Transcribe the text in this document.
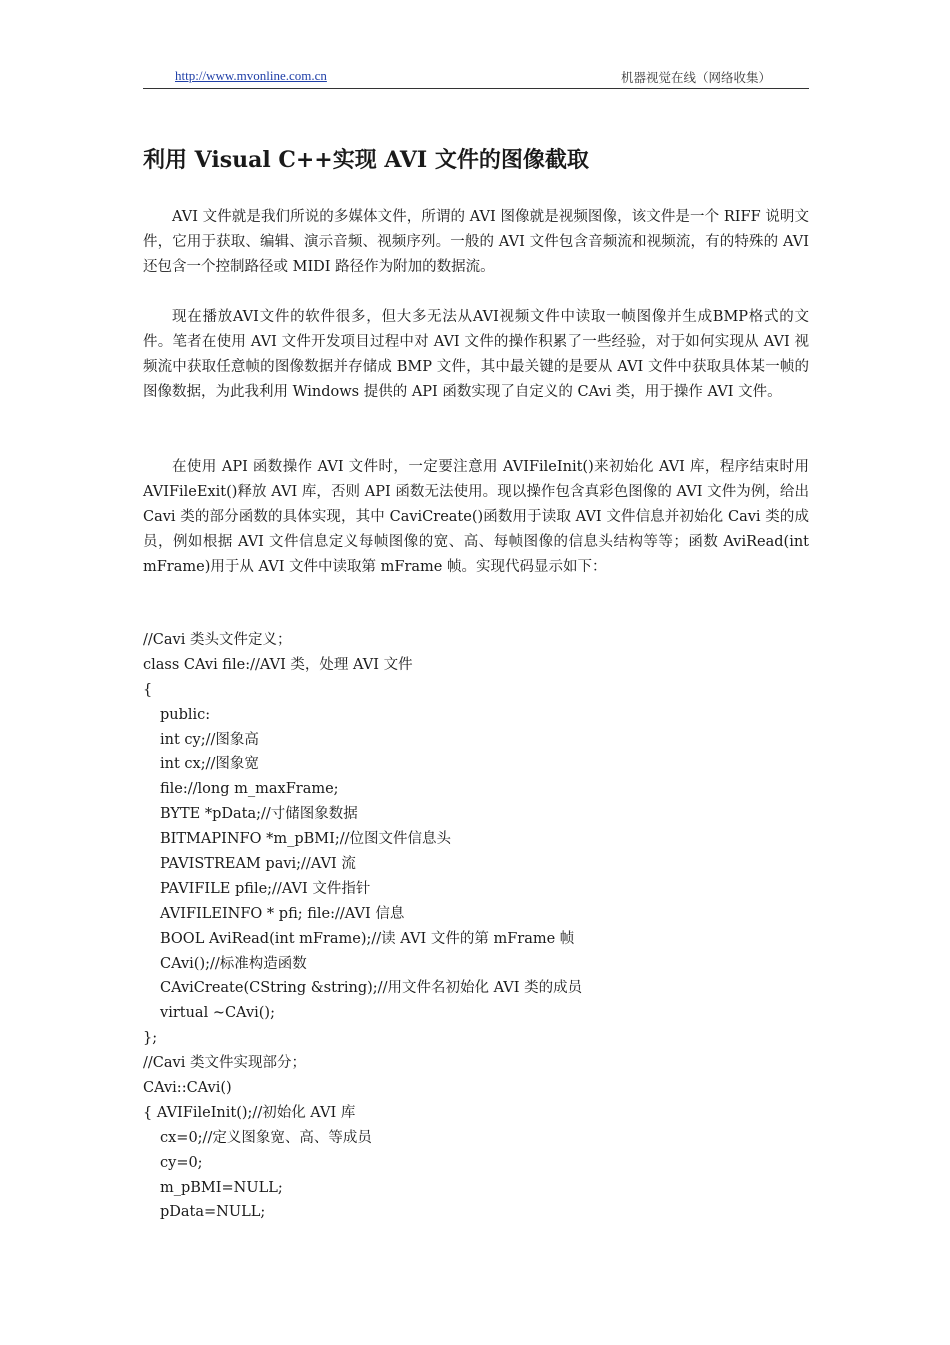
http://www.mvonline.com.cn	机器视觉在线（网络收集）
利用 Visual C++实现 AVI 文件的图像截取

AVI 文件就是我们所说的多媒体文件，所谓的 AVI 图像就是视频图像，该文件是一个 RIFF 说明文件，它用于获取、编辑、演示音频、视频序列。一般的 AVI 文件包含音频流和视频流，有的特殊的 AVI 还包含一个控制路径或 MIDI 路径作为附加的数据流。

现在播放AVI文件的软件很多，但大多无法从AVI视频文件中读取一帧图像并生成BMP格式的文件。笔者在使用 AVI 文件开发项目过程中对 AVI 文件的操作积累了一些经验，对于如何实现从 AVI 视频流中获取任意帧的图像数据并存储成 BMP 文件，其中最关键的是要从 AVI 文件中获取具体某一帧的图像数据，为此我利用 Windows 提供的 API 函数实现了自定义的 CAvi 类，用于操作 AVI 文件。

在使用 API 函数操作 AVI 文件时，一定要注意用 AVIFileInit()来初始化 AVI 库，程序结束时用 AVIFileExit()释放 AVI 库，否则 API 函数无法使用。现以操作包含真彩色图像的 AVI 文件为例，给出 Cavi 类的部分函数的具体实现，其中 CaviCreate()函数用于读取 AVI 文件信息并初始化 Cavi 类的成员，例如根据 AVI 文件信息定义每帧图像的宽、高、每帧图像的信息头结构等等；函数 AviRead(int mFrame)用于从 AVI 文件中读取第 mFrame 帧。实现代码显示如下：

//Cavi 类头文件定义；
class CAvi file://AVI 类，处理 AVI 文件
{
public:
int cy;//图象高
int cx;//图象宽
file://long m_maxFrame;
BYTE *pData;//寸储图象数据
BITMAPINFO *m_pBMI;//位图文件信息头
PAVISTREAM pavi;//AVI 流
PAVIFILE pfile;//AVI 文件指针
AVIFILEINFO * pfi; file://AVI 信息
BOOL AviRead(int mFrame);//读 AVI 文件的第 mFrame 帧
CAvi();//标准构造函数
CAviCreate(CString &string);//用文件名初始化 AVI 类的成员
virtual ~CAvi();
};
//Cavi 类文件实现部分；
CAvi::CAvi()
{ AVIFileInit();//初始化 AVI 库
cx=0;//定义图象宽、高、等成员
cy=0;
m_pBMI=NULL;
pData=NULL;
